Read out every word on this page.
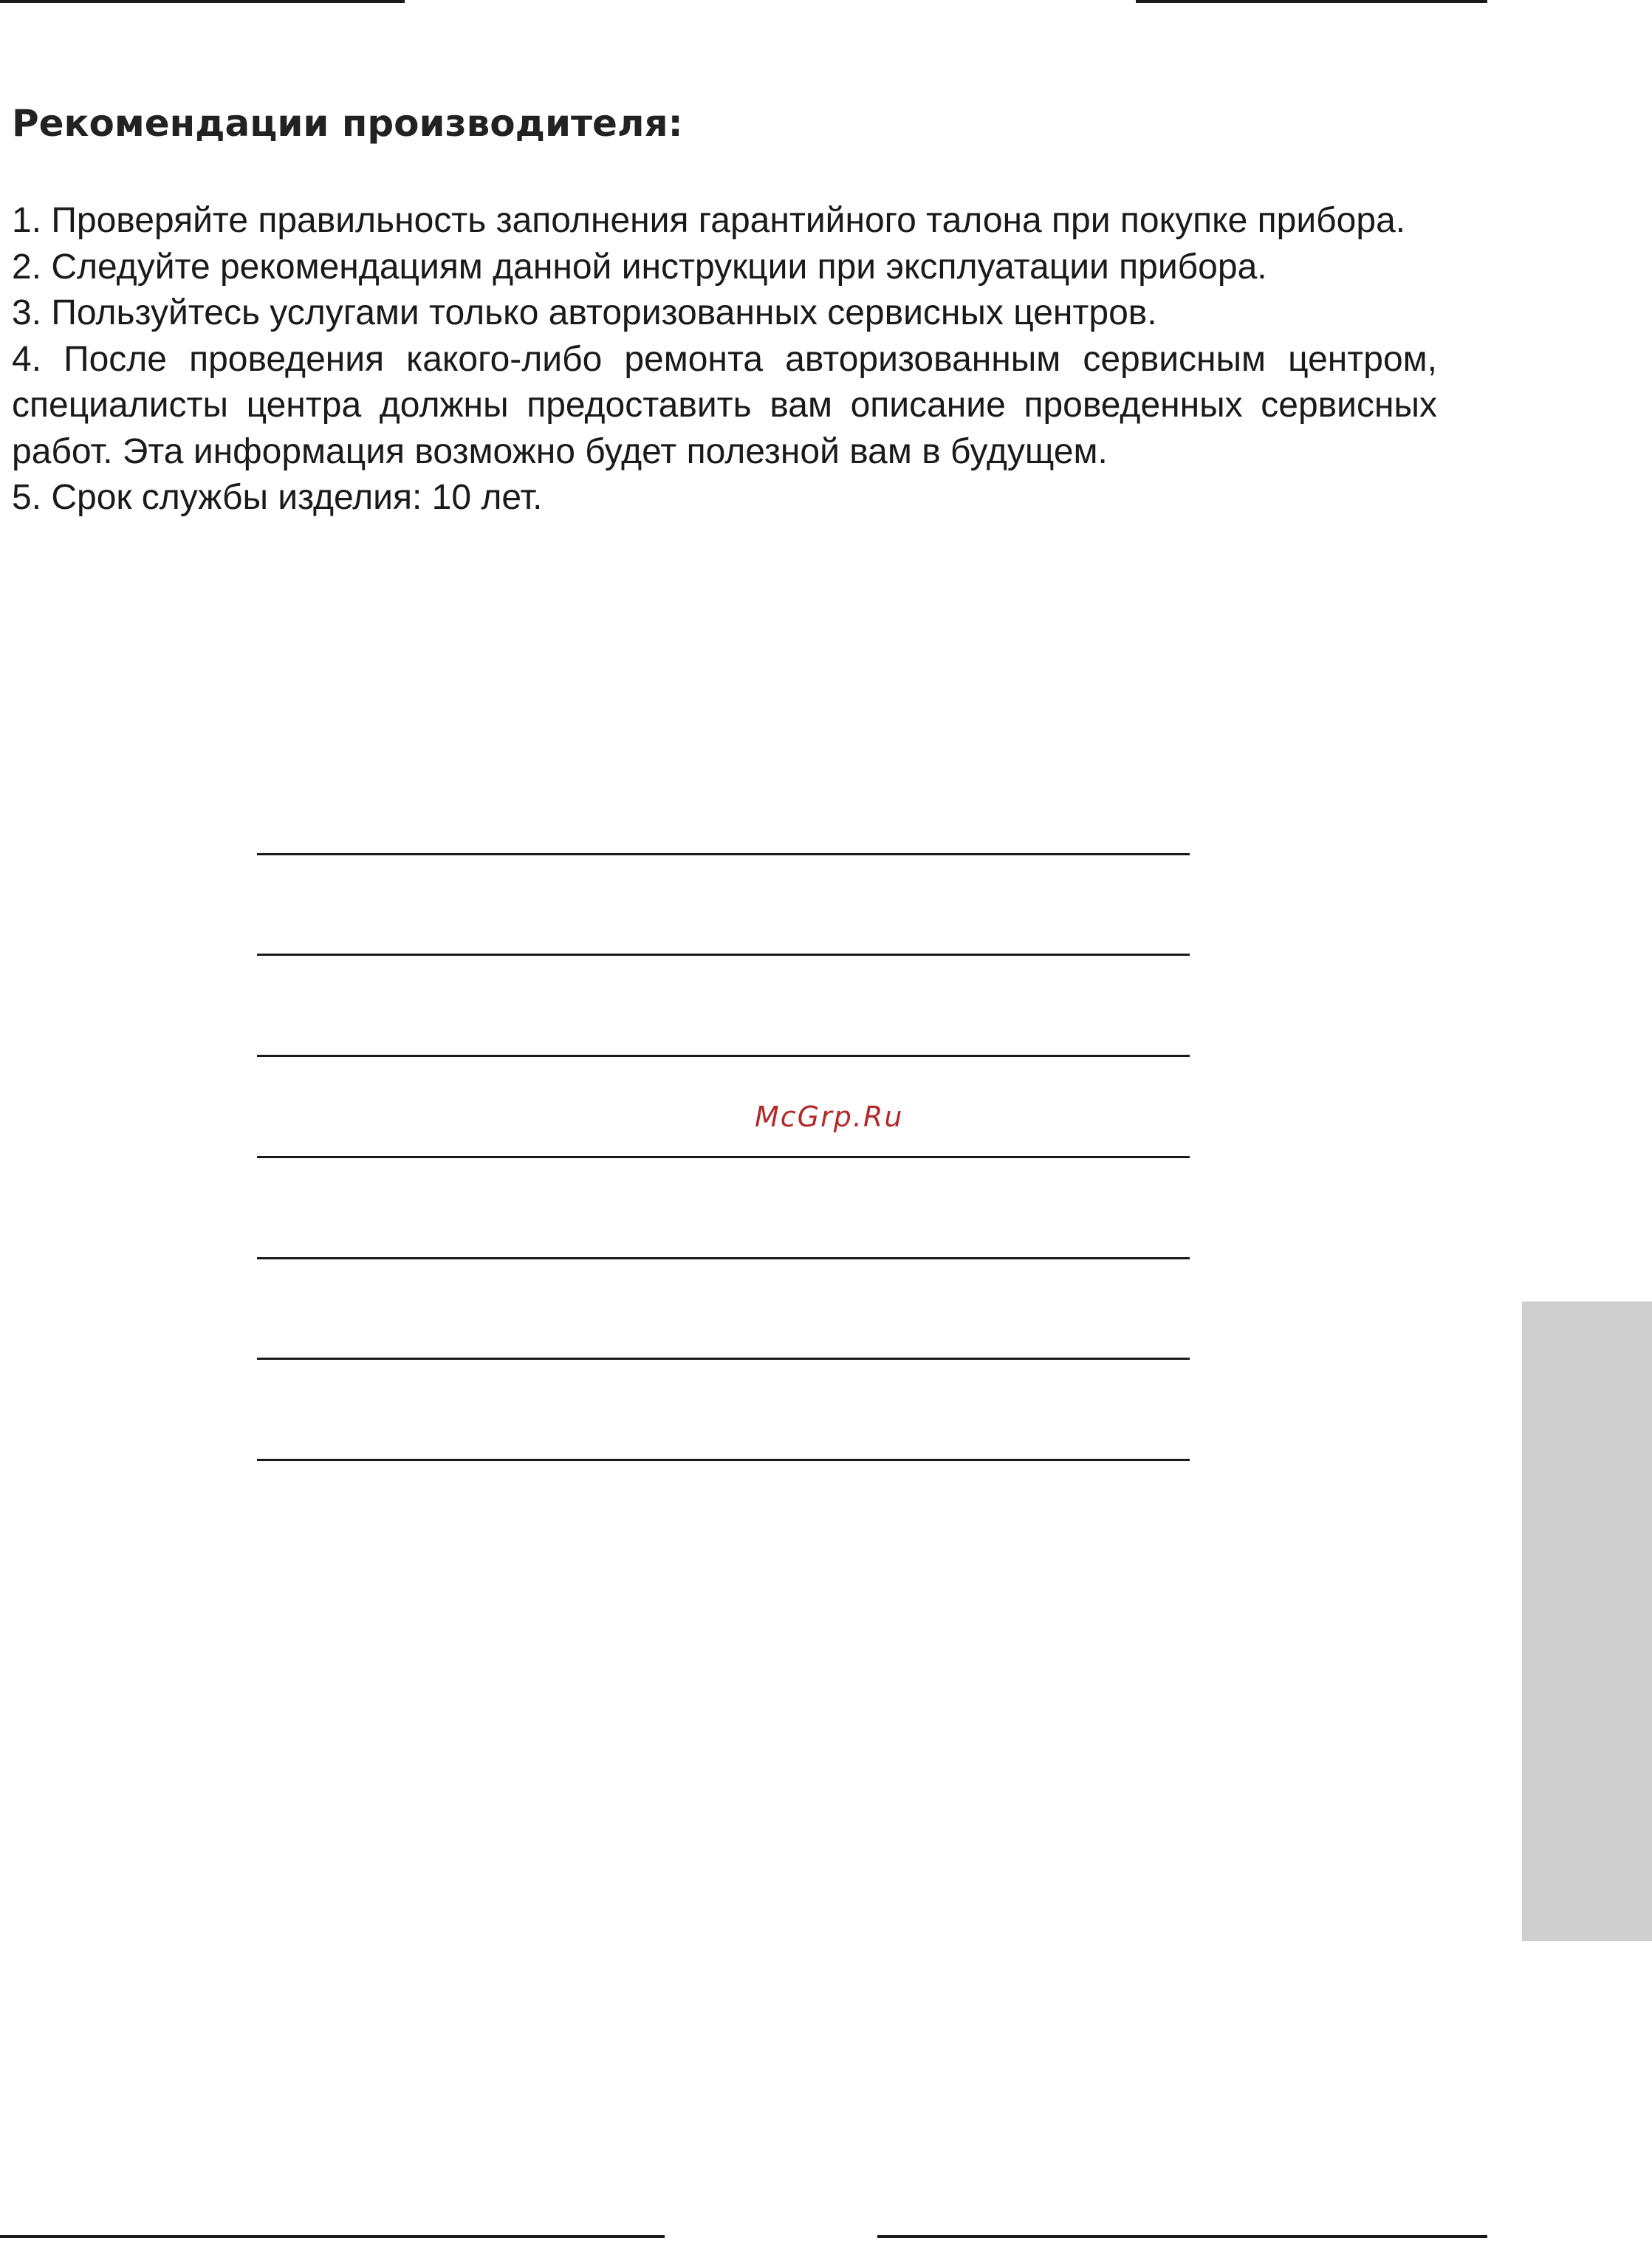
Рекомендации производителя:
1. Проверяйте правильность заполнения гарантийного талона при покупке прибора.
2. Следуйте рекомендациям данной инструкции при эксплуатации прибора.
3. Пользуйтесь услугами только авторизованных сервисных центров.
4. После проведения какого-либо ремонта авторизованным сервисным центром, специалисты центра должны предоставить вам описание проведенных сервисных работ. Эта информация возможно будет полезной вам в будущем.
5. Срок службы изделия: 10 лет.
McGrp.Ru
